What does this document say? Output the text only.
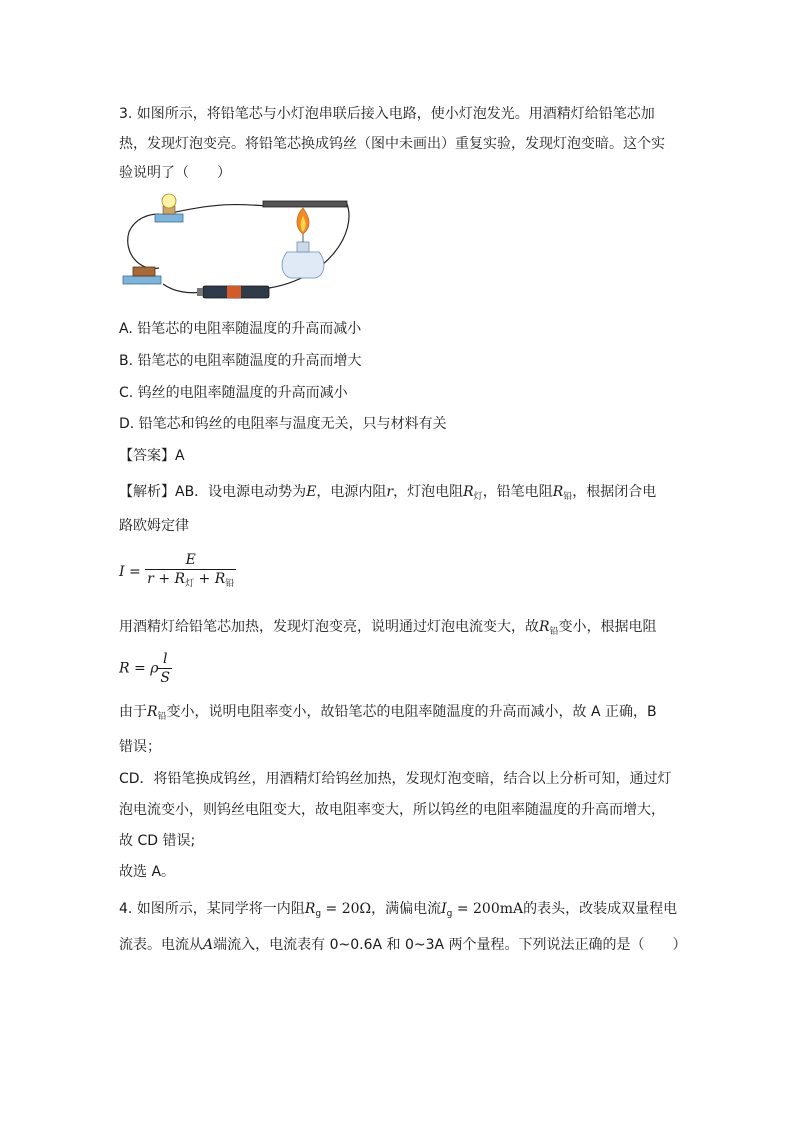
3. 如图所示，将铅笔芯与小灯泡串联后接入电路，使小灯泡发光。用酒精灯给铅笔芯加
热，发现灯泡变亮。将铅笔芯换成钨丝（图中未画出）重复实验，发现灯泡变暗。这个实
验说明了（　　）
A. 铅笔芯的电阻率随温度的升高而减小
B. 铅笔芯的电阻率随温度的升高而增大
C. 钨丝的电阻率随温度的升高而减小
D. 铅笔芯和钨丝的电阻率与温度无关，只与材料有关
【答案】A
【解析】AB．设电源电动势为E，电源内阻r，灯泡电阻$R_灯$，铅笔电阻$R_铅$，根据闭合电
路欧姆定律
$I = \frac{E}{r + R_灯 + R_铅}$
用酒精灯给铅笔芯加热，发现灯泡变亮，说明通过灯泡电流变大，故$R_铅$变小，根据电阻
R = ρ $\frac{l}{S}$
由于$R_铅$变小，说明电阻率变小，故铅笔芯的电阻率随温度的升高而减小，故 A 正确，B
错误；
CD．将铅笔换成钨丝，用酒精灯给钨丝加热，发现灯泡变暗，结合以上分析可知，通过灯
泡电流变小，则钨丝电阻变大，故电阻率变大，所以钨丝的电阻率随温度的升高而增大，
故 CD 错误;
故选 A。
4. 如图所示，某同学将一内阻$R_g = 20\Omega$，满偏电流$I_g = 200mA$的表头，改装成双量程电
流表。电流从A端流入，电流表有 0~0.6A 和 0~3A 两个量程。下列说法正确的是（　　）
